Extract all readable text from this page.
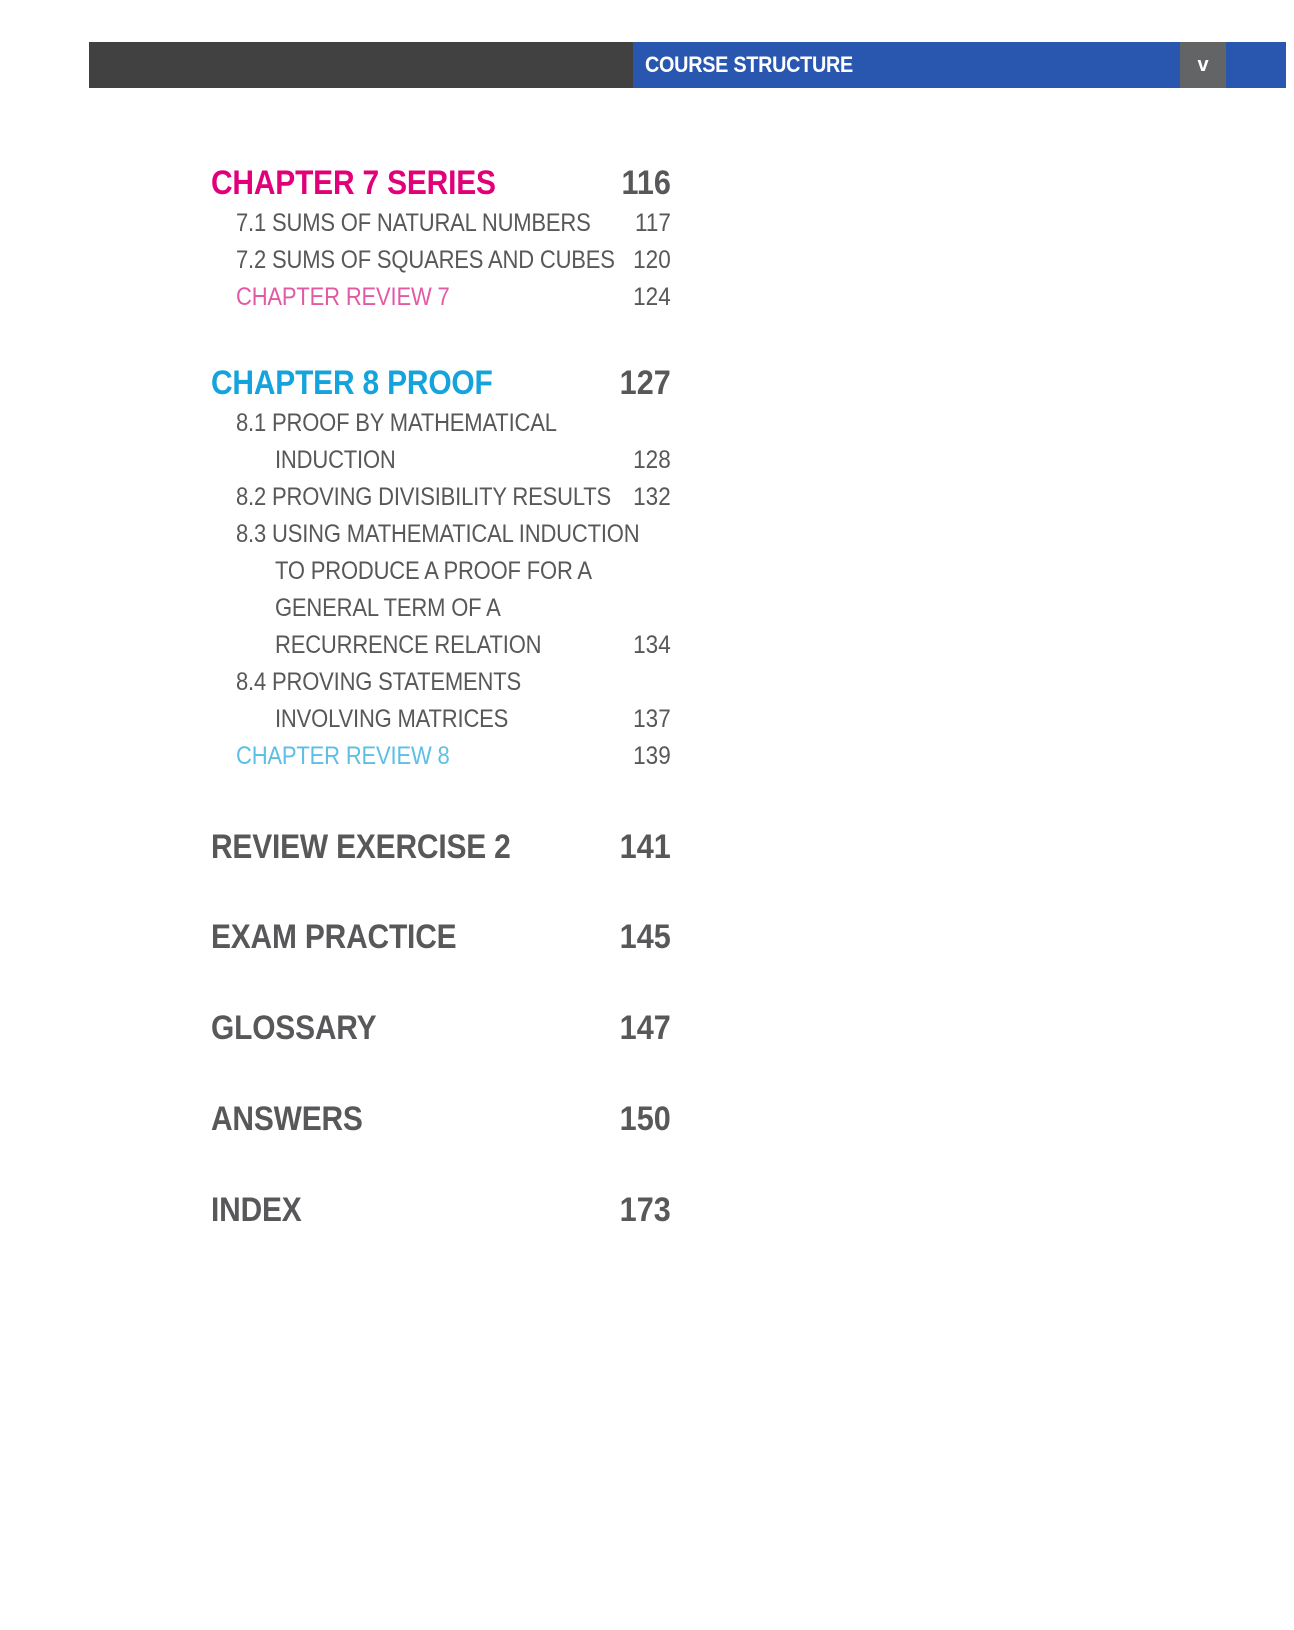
COURSE STRUCTURE	v
CHAPTER 7 SERIES	116
7.1 SUMS OF NATURAL NUMBERS 117
7.2 SUMS OF SQUARES AND CUBES 120
CHAPTER REVIEW 7	124
CHAPTER 8 PROOF	127
8.1 PROOF BY MATHEMATICAL
INDUCTION	128
8.2 PROVING DIVISIBILITY RESULTS 132
8.3 USING MATHEMATICAL INDUCTION
TO PRODUCE A PROOF FOR A
GENERAL TERM OF A
RECURRENCE RELATION	134
8.4 PROVING STATEMENTS
INVOLVING MATRICES	137
CHAPTER REVIEW 8	139
REVIEW EXERCISE 2	141
EXAM PRACTICE	145
GLOSSARY	147
ANSWERS	150
INDEX	173
